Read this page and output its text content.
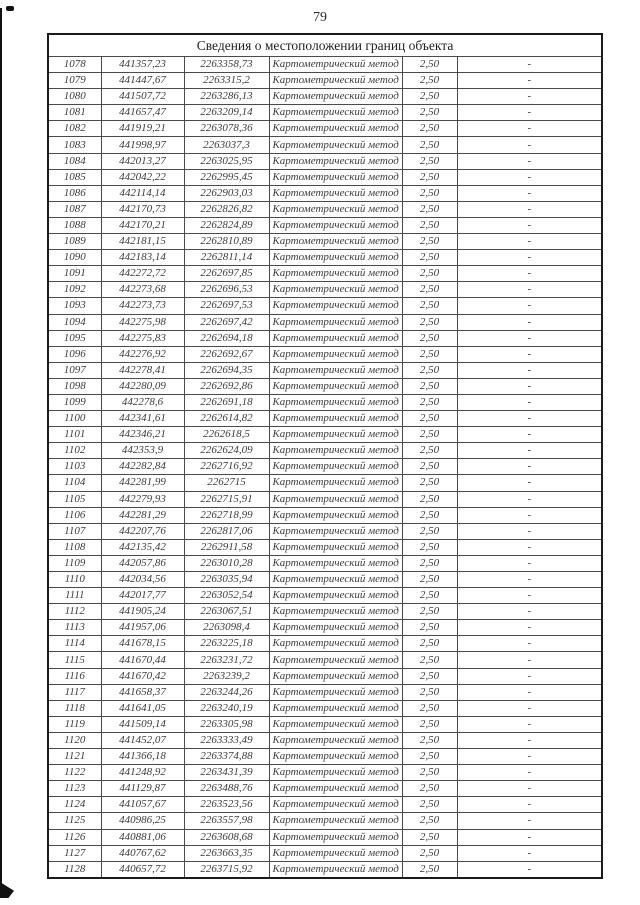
79
Сведения о местоположении границ объекта					
1078	441357,23	2263358,73	Картометрический метод	2,50	-
1079	441447,67	2263315,2	Картометрический метод	2,50	-
1080	441507,72	2263286,13	Картометрический метод	2,50	-
1081	441657,47	2263209,14	Картометрический метод	2,50	-
1082	441919,21	2263078,36	Картометрический метод	2,50	-
1083	441998,97	2263037,3	Картометрический метод	2,50	-
1084	442013,27	2263025,95	Картометрический метод	2,50	-
1085	442042,22	2262995,45	Картометрический метод	2,50	-
1086	442114,14	2262903,03	Картометрический метод	2,50	-
1087	442170,73	2262826,82	Картометрический метод	2,50	-
1088	442170,21	2262824,89	Картометрический метод	2,50	-
1089	442181,15	2262810,89	Картометрический метод	2,50	-
1090	442183,14	2262811,14	Картометрический метод	2,50	-
1091	442272,72	2262697,85	Картометрический метод	2,50	-
1092	442273,68	2262696,53	Картометрический метод	2,50	-
1093	442273,73	2262697,53	Картометрический метод	2,50	-
1094	442275,98	2262697,42	Картометрический метод	2,50	-
1095	442275,83	2262694,18	Картометрический метод	2,50	-
1096	442276,92	2262692,67	Картометрический метод	2,50	-
1097	442278,41	2262694,35	Картометрический метод	2,50	-
1098	442280,09	2262692,86	Картометрический метод	2,50	-
1099	442278,6	2262691,18	Картометрический метод	2,50	-
1100	442341,61	2262614,82	Картометрический метод	2,50	-
1101	442346,21	2262618,5	Картометрический метод	2,50	-
1102	442353,9	2262624,09	Картометрический метод	2,50	-
1103	442282,84	2262716,92	Картометрический метод	2,50	-
1104	442281,99	2262715	Картометрический метод	2,50	-
1105	442279,93	2262715,91	Картометрический метод	2,50	-
1106	442281,29	2262718,99	Картометрический метод	2,50	-
1107	442207,76	2262817,06	Картометрический метод	2,50	-
1108	442135,42	2262911,58	Картометрический метод	2,50	-
1109	442057,86	2263010,28	Картометрический метод	2,50	-
1110	442034,56	2263035,94	Картометрический метод	2,50	-
1111	442017,77	2263052,54	Картометрический метод	2,50	-
1112	441905,24	2263067,51	Картометрический метод	2,50	-
1113	441957,06	2263098,4	Картометрический метод	2,50	-
1114	441678,15	2263225,18	Картометрический метод	2,50	-
1115	441670,44	2263231,72	Картометрический метод	2,50	-
1116	441670,42	2263239,2	Картометрический метод	2,50	-
1117	441658,37	2263244,26	Картометрический метод	2,50	-
1118	441641,05	2263240,19	Картометрический метод	2,50	-
1119	441509,14	2263305,98	Картометрический метод	2,50	-
1120	441452,07	2263333,49	Картометрический метод	2,50	-
1121	441366,18	2263374,88	Картометрический метод	2,50	-
1122	441248,92	2263431,39	Картометрический метод	2,50	-
1123	441129,87	2263488,76	Картометрический метод	2,50	-
1124	441057,67	2263523,56	Картометрический метод	2,50	-
1125	440986,25	2263557,98	Картометрический метод	2,50	-
1126	440881,06	2263608,68	Картометрический метод	2,50	-
1127	440767,62	2263663,35	Картометрический метод	2,50	-
1128	440657,72	2263715,92	Картометрический метод	2,50	-
